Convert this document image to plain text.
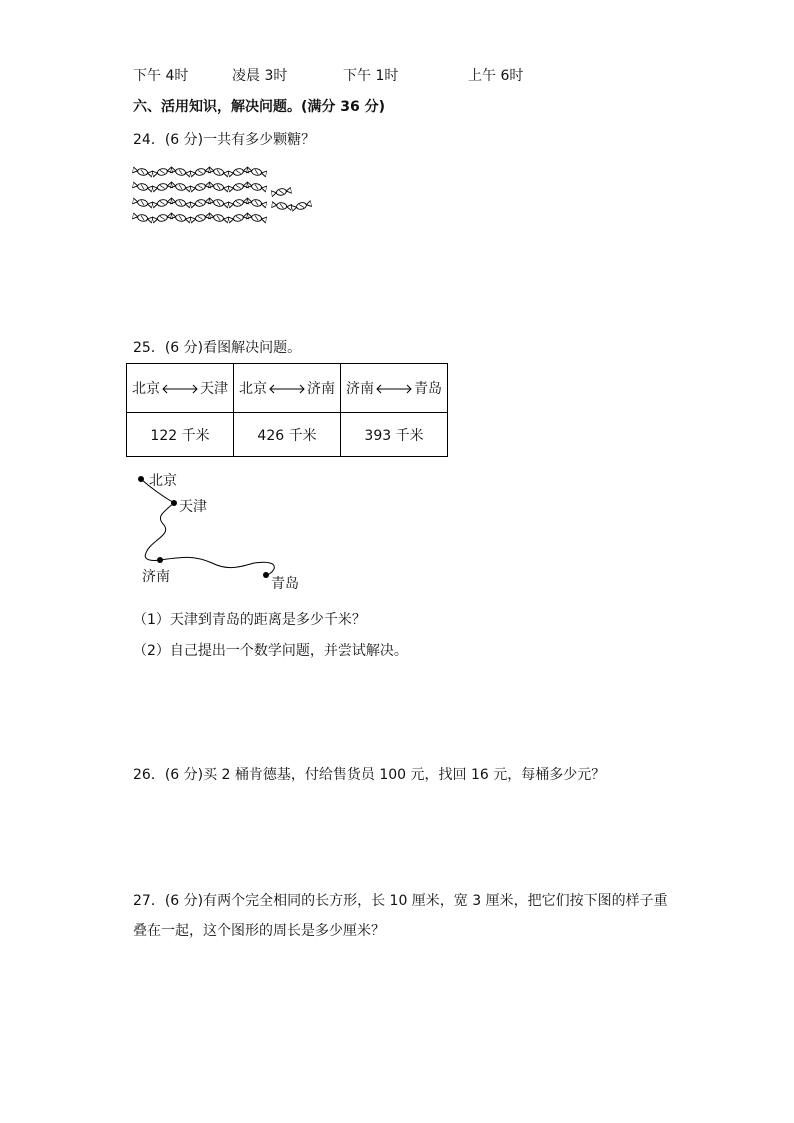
下午 4时	凌晨 3时	下午 1时	上午 6时
六、活用知识，解决问题。(满分 36 分)
24．(6 分)一共有多少颗糖？
25．(6 分)看图解决问题。
北京 天津	北京 济南	济南 青岛
122 千米	426 千米	393 千米
北京
天津
济南	青岛
（1）天津到青岛的距离是多少千米？
（2）自己提出一个数学问题，并尝试解决。
26．(6 分)买 2 桶肯德基，付给售货员 100 元，找回 16 元，每桶多少元？
27．(6 分)有两个完全相同的长方形，长 10 厘米，宽 3 厘米，把它们按下图的样子重
叠在一起，这个图形的周长是多少厘米？
